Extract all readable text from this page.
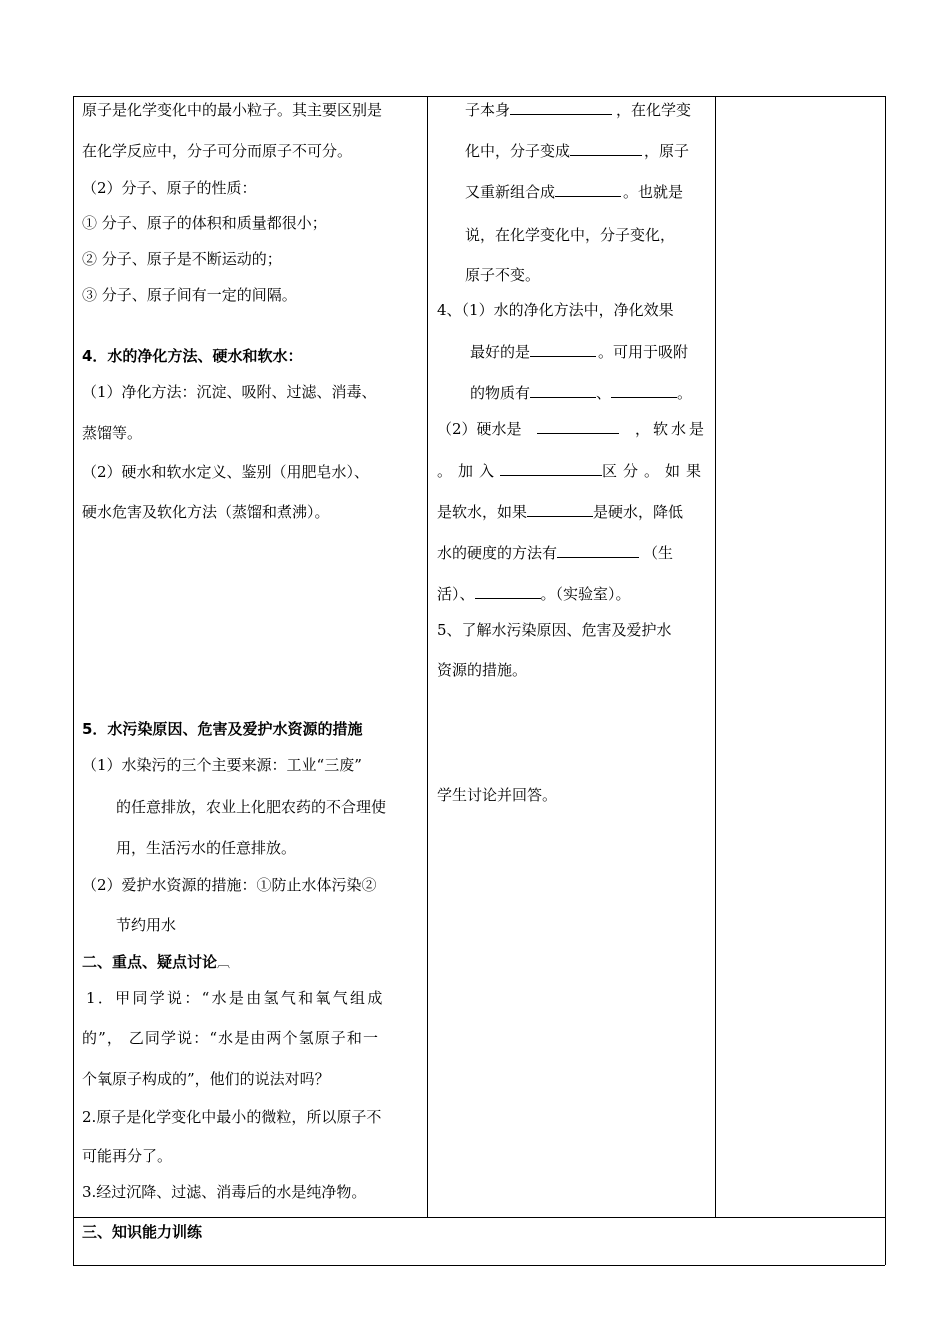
原子是化学变化中的最小粒子。其主要区别是
在化学反应中，分子可分而原子不可分。
（2）分子、原子的性质：
① 分子、原子的体积和质量都很小；
② 分子、原子是不断运动的；
③ 分子、原子间有一定的间隔。
4．水的净化方法、硬水和软水：
（1）净化方法：沉淀、吸附、过滤、消毒、
蒸馏等。
（2）硬水和软水定义、鉴别（用肥皂水）、
硬水危害及软化方法（蒸馏和煮沸）。
5．水污染原因、危害及爱护水资源的措施
（1）水染污的三个主要来源：工业“三废”
的任意排放，农业上化肥农药的不合理使
用，生活污水的任意排放。
（2）爱护水资源的措施：①防止水体污染②
节约用水
二、重点、疑点讨论︹
1．甲同学说：“水是由氢气和氧气组成
的”， 乙同学说：“水是由两个氢原子和一
个氧原子构成的”，他们的说法对吗？
2.原子是化学变化中最小的微粒，所以原子不
可能再分了。
3.经过沉降、过滤、消毒后的水是纯净物。
子本身	，在化学变
化中，分子变成	，原子
又重新组合成	。也就是
说，在化学变化中，分子变化，
原子不变。
4、（1）水的净化方法中，净化效果
最好的是	。可用于吸附
的物质有	、	。
（2）硬水是	，软水是
。加入	区分。如果
是软水，如果	是硬水，降低
水的硬度的方法有	（生
活）、	。（实验室）。
5、了解水污染原因、危害及爱护水
资源的措施。
学生讨论并回答。
三、知识能力训练
